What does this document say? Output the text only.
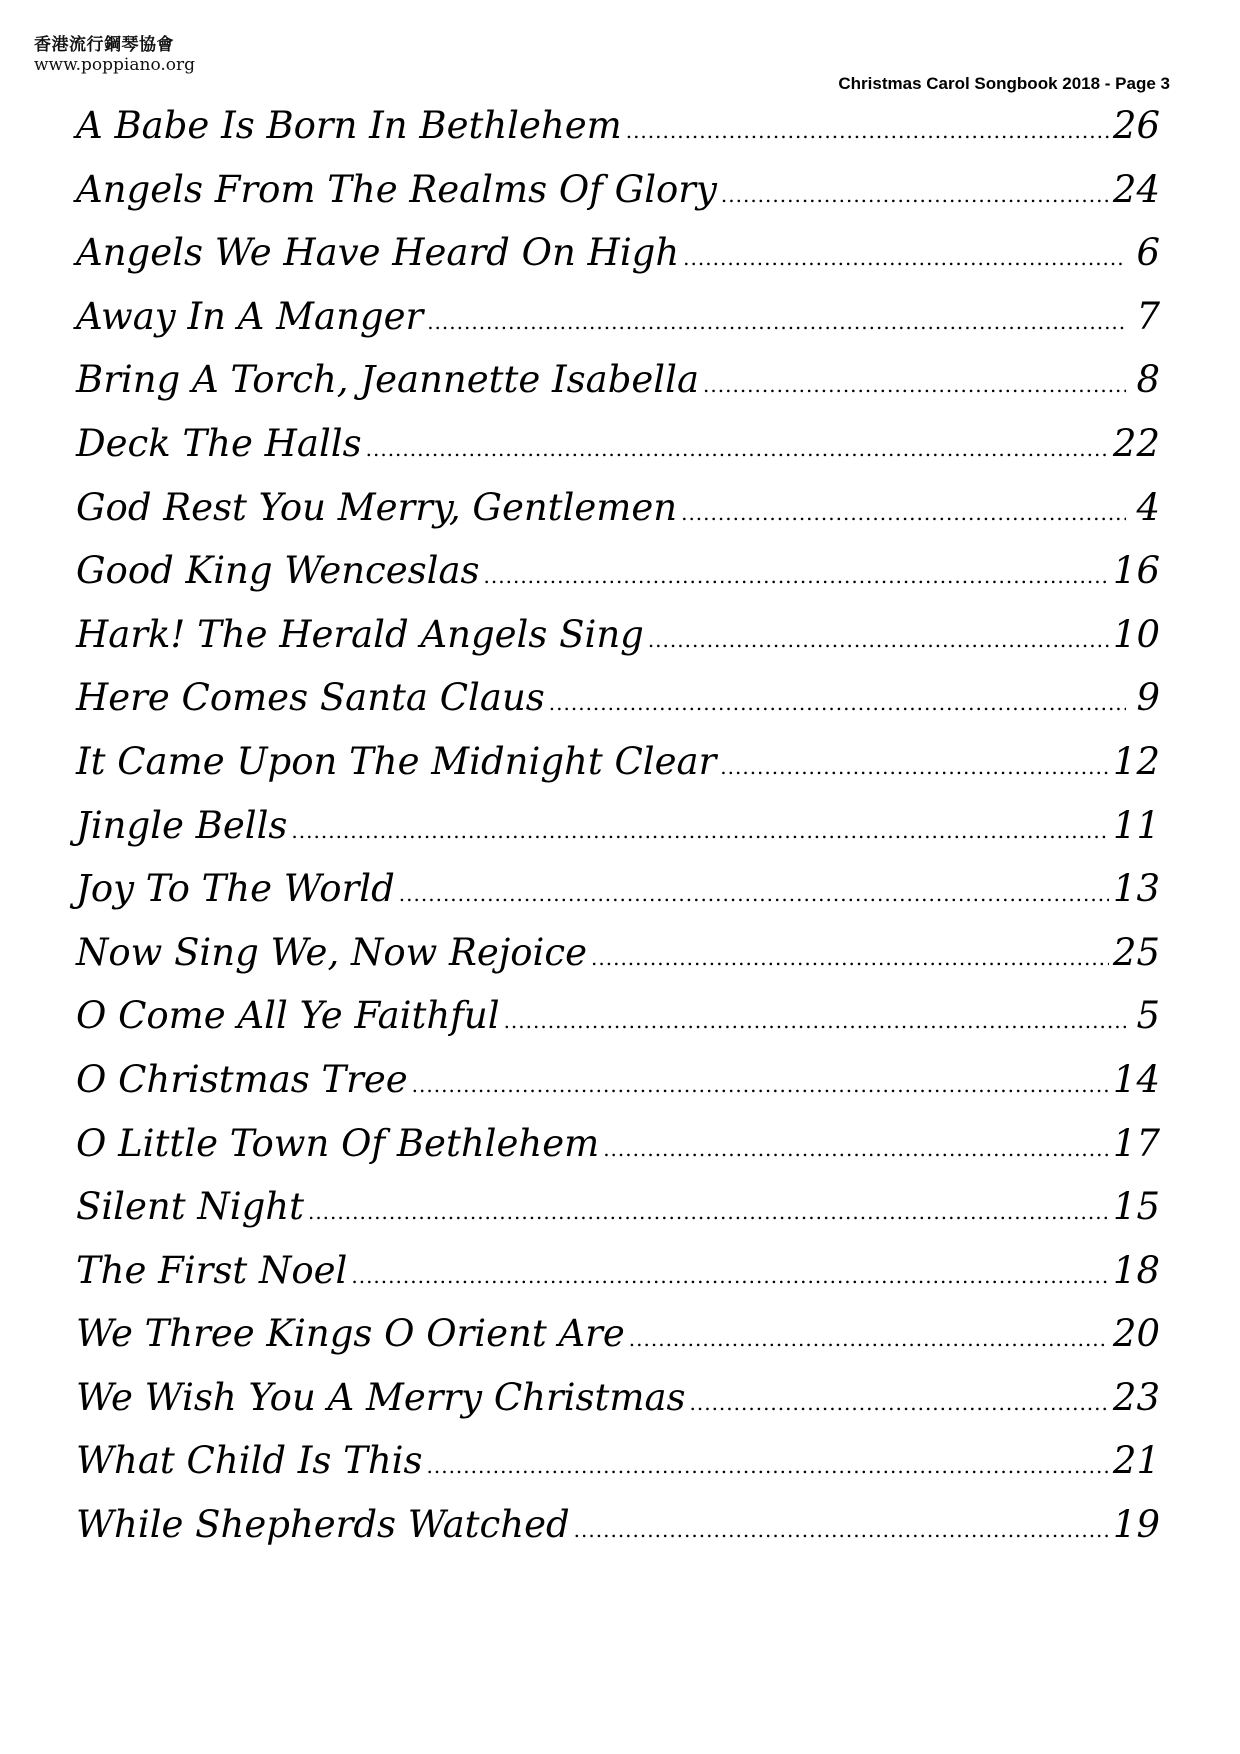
香港流行鋼琴協會
www.poppiano.org
Christmas Carol Songbook 2018 - Page 3
A Babe Is Born In Bethlehem .....	26
Angels From The Realms Of Glory .....	24
Angels We Have Heard On High .....	6
Away In A Manger .....	7
Bring A Torch, Jeannette Isabella .....	8
Deck The Halls .....	22
God Rest You Merry, Gentlemen .....	4
Good King Wenceslas .....	16
Hark! The Herald Angels Sing .....	10
Here Comes Santa Claus .....	9
It Came Upon The Midnight Clear .....	12
Jingle Bells .....	11
Joy To The World .....	13
Now Sing We, Now Rejoice .....	25
O Come All Ye Faithful .....	5
O Christmas Tree .....	14
O Little Town Of Bethlehem .....	17
Silent Night .....	15
The First Noel .....	18
We Three Kings O Orient Are .....	20
We Wish You A Merry Christmas .....	23
What Child Is This .....	21
While Shepherds Watched .....	19
